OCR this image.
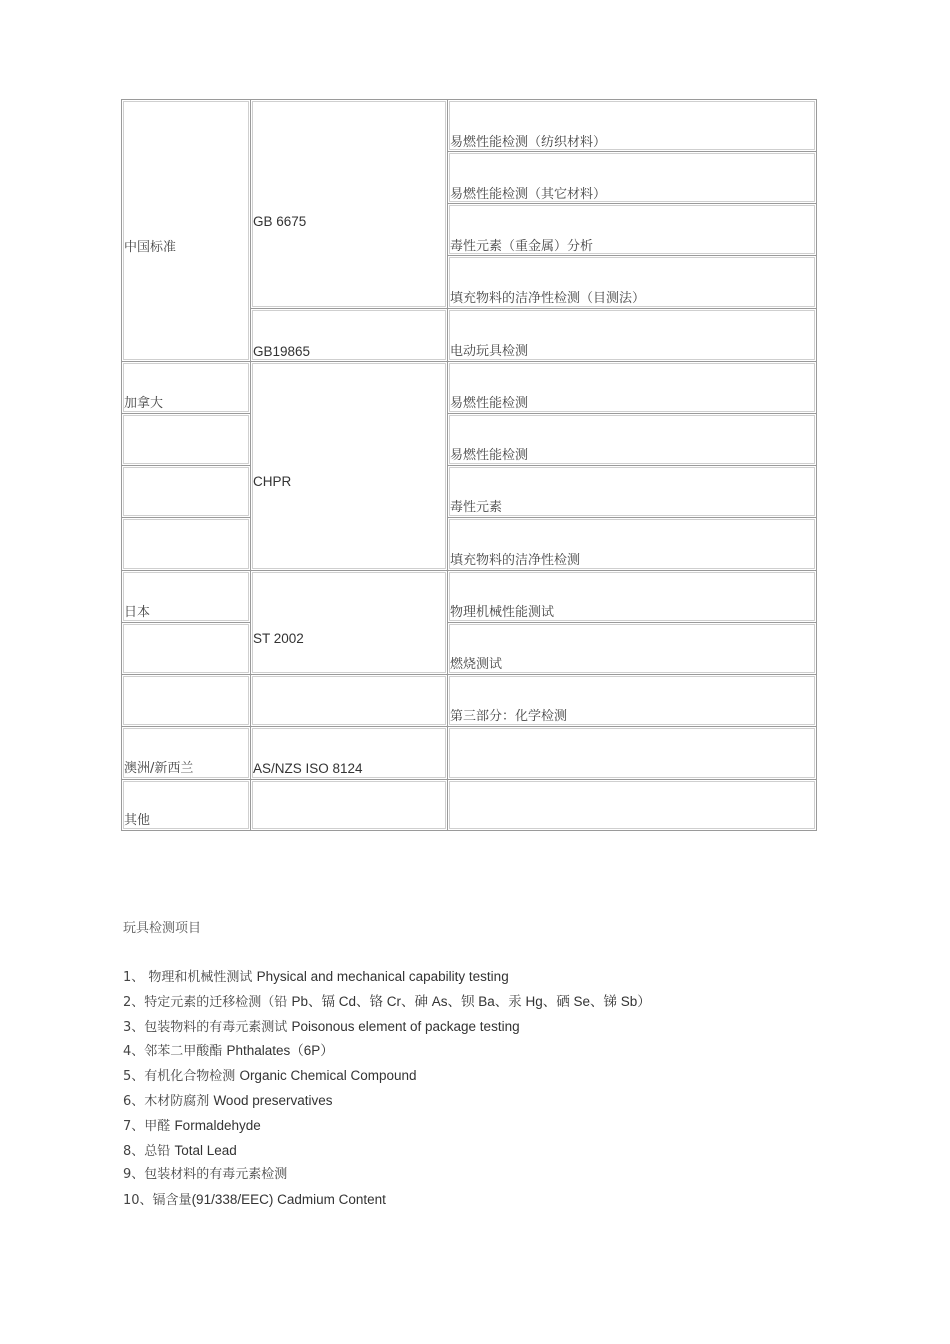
中国标准
加拿大
日本
澳洲/新西兰
其他
GB 6675
GB19865
CHPR
ST 2002
AS/NZS ISO 8124
易燃性能检测（纺织材料）
易燃性能检测（其它材料）
毒性元素（重金属）分析
填充物料的洁净性检测（目测法）
电动玩具检测
易燃性能检测
易燃性能检测
毒性元素
填充物料的洁净性检测
物理机械性能测试
燃烧测试
第三部分：化学检测
玩具检测项目
1、 物理和机械性测试 Physical and mechanical capability testing
2、特定元素的迁移检测（铅 Pb、镉 Cd、铬 Cr、砷 As、钡 Ba、汞 Hg、硒 Se、锑 Sb）
3、包装物料的有毒元素测试 Poisonous element of package testing
4、邻苯二甲酸酯 Phthalates（6P）
5、有机化合物检测 Organic Chemical Compound
6、木材防腐剂 Wood preservatives
7、甲醛 Formaldehyde
8、总铅 Total Lead
9、包装材料的有毒元素检测
10、镉含量(91/338/EEC) Cadmium Content
